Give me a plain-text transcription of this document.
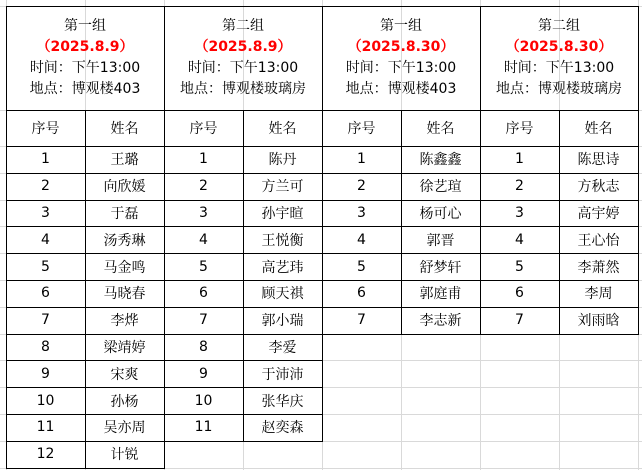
第一组
（2025.8.9）
时间：下午13:00
地点：博观楼403
序号	姓名
1	王璐
2	向欣媛
3	于磊
4	汤秀琳
5	马金鸣
6	马晓春
7	李烨
8	梁靖婷
9	宋爽
10	孙杨
11	吴亦周
12	计锐
第二组
（2025.8.9）
时间：下午13:00
地点：博观楼玻璃房
序号	姓名
1	陈丹
2	方兰可
3	孙宇暄
4	王悦衡
5	高艺玮
6	顾天祺
7	郭小瑞
8	李爱
9	于沛沛
10	张华庆
11	赵奕森
第一组
（2025.8.30）
时间：下午13:00
地点：博观楼403
序号	姓名
1	陈鑫鑫
2	徐艺瑄
3	杨可心
4	郭晋
5	舒梦轩
6	郭庭甫
7	李志新
第二组
（2025.8.30）
时间：下午13:00
地点：博观楼玻璃房
序号	姓名
1	陈思诗
2	方秋志
3	高宇婷
4	王心怡
5	李萧然
6	李周
7	刘雨晗
